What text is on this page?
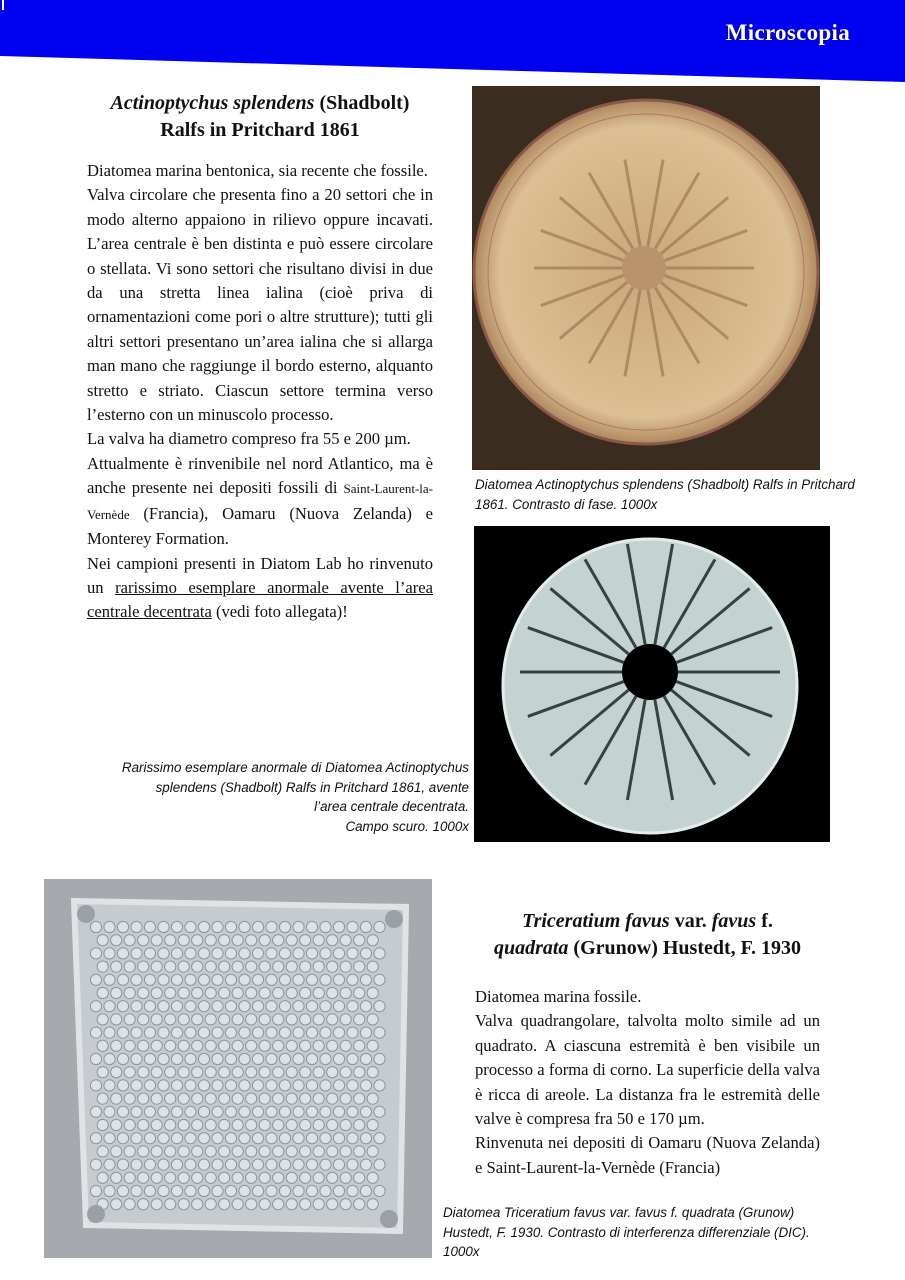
Microscopia
Actinoptychus splendens (Shadbolt)
Ralfs in Pritchard 1861

Diatomea marina bentonica, sia recente che fossile.

Valva circolare che presenta fino a 20 settori che in modo alterno appaiono in rilievo oppure incavati. L’area centrale è ben distinta e può essere circolare o stellata. Vi sono settori che risultano divisi in due da una stretta linea ialina (cioè priva di ornamentazioni come pori o altre strutture); tutti gli altri settori presentano un’area ialina che si allarga man mano che raggiunge il bordo esterno, alquanto stretto e striato. Ciascun settore termina verso l’esterno con un minuscolo processo.

La valva ha diametro compreso fra 55 e 200 µm.

Attualmente è rinvenibile nel nord Atlantico, ma è anche presente nei depositi fossili di Saint-Laurent-la-Vernède (Francia), Oamaru (Nuova Zelanda) e Monterey Formation.

Nei campioni presenti in Diatom Lab ho rinvenuto un rarissimo esemplare anormale avente l’area centrale decentrata (vedi foto allegata)!

Diatomea Actinoptychus splendens (Shadbolt) Ralfs in Pritchard 1861. Contrasto di fase. 1000x
Rarissimo esemplare anormale di Diatomea Actinoptychus splendens (Shadbolt) Ralfs in Pritchard 1861, avente l’area centrale decentrata.
Campo scuro. 1000x
Triceratium favus var. favus f.
quadrata (Grunow) Hustedt, F. 1930

Diatomea marina fossile.

Valva quadrangolare, talvolta molto simile ad un quadrato. A ciascuna estremità è ben visibile un processo a forma di corno. La superficie della valva è ricca di areole. La distanza fra le estremità delle valve è compresa fra 50 e 170 µm.

Rinvenuta nei depositi di Oamaru (Nuova Zelanda) e Saint-Laurent-la-Vernède (Francia)

Diatomea Triceratium favus var. favus f. quadrata (Grunow) Hustedt, F. 1930. Contrasto di interferenza differenziale (DIC). 1000x
